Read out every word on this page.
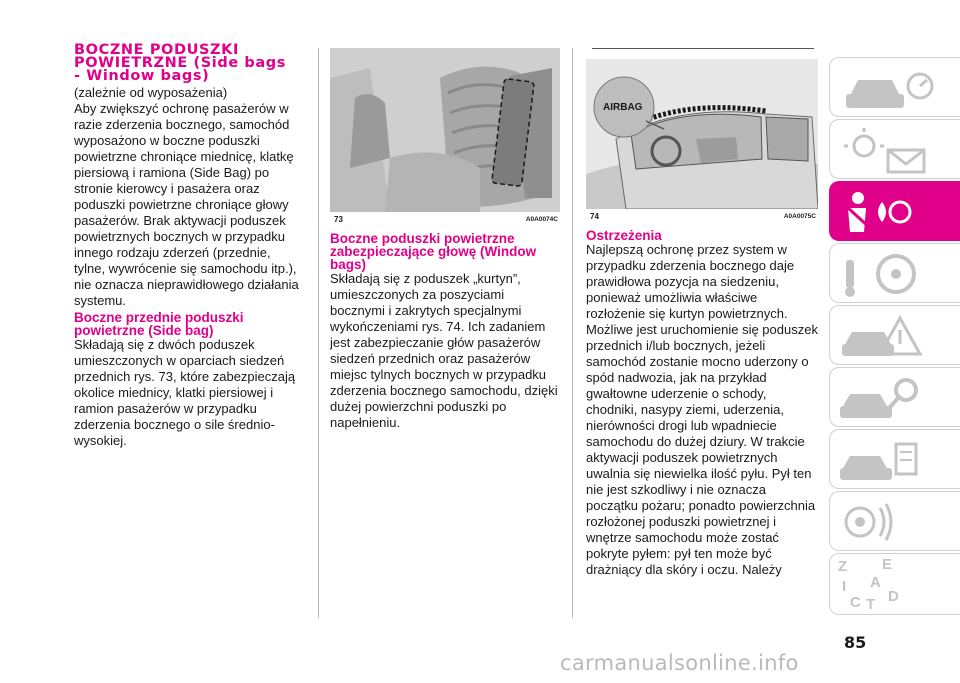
BOCZNE PODUSZKI
POWIETRZNE (Side bags
- Window bags)

(zależnie od wyposażenia)

Aby zwiększyć ochronę pasażerów w razie zderzenia bocznego, samochód wyposażono w boczne poduszki powietrzne chroniące miednicę, klatkę piersiową i ramiona (Side Bag) po stronie kierowcy i pasażera oraz poduszki powietrzne chroniące głowy pasażerów. Brak aktywacji poduszek powietrznych bocznych w przypadku innego rodzaju zderzeń (przednie, tylne, wywrócenie się samochodu itp.), nie oznacza nieprawidłowego działania systemu.

Boczne przednie poduszki powietrzne (Side bag)

Składają się z dwóch poduszek umieszczonych w oparciach siedzeń przednich rys. 73, które zabezpieczają okolice miednicy, klatki piersiowej i ramion pasażerów w przypadku zderzenia bocznego o sile średnio-wysokiej.

73	A0A0074C
Boczne poduszki powietrzne zabezpieczające głowę (Window bags)

Składają się z poduszek „kurtyn”, umieszczonych za poszyciami bocznymi i zakrytych specjalnymi wykończeniami rys. 74. Ich zadaniem jest zabezpieczanie głów pasażerów siedzeń przednich oraz pasażerów miejsc tylnych bocznych w przypadku zderzenia bocznego samochodu, dzięki dużej powierzchni poduszki po napełnieniu.

AIRBAG
74	A0A0075C
Ostrzeżenia

Najlepszą ochronę przez system w przypadku zderzenia bocznego daje prawidłowa pozycja na siedzeniu, ponieważ umożliwia właściwe rozłożenie się kurtyn powietrznych. Możliwe jest uruchomienie się poduszek przednich i/lub bocznych, jeżeli samochód zostanie mocno uderzony o spód nadwozia, jak na przykład gwałtowne uderzenie o schody, chodniki, nasypy ziemi, uderzenia, nierówności drogi lub wpadniecie samochodu do dużej dziury. W trakcie aktywacji poduszek powietrznych uwalnia się niewielka ilość pyłu. Pył ten nie jest szkodliwy i nie oznacza początku pożaru; ponadto powierzchnia rozłożonej poduszki powietrznej i wnętrze samochodu może zostać pokryte pyłem: pył ten może być drażniący dla skóry i oczu. Należy	Z E
A
I
C T D
85
carmanualsonline.info
